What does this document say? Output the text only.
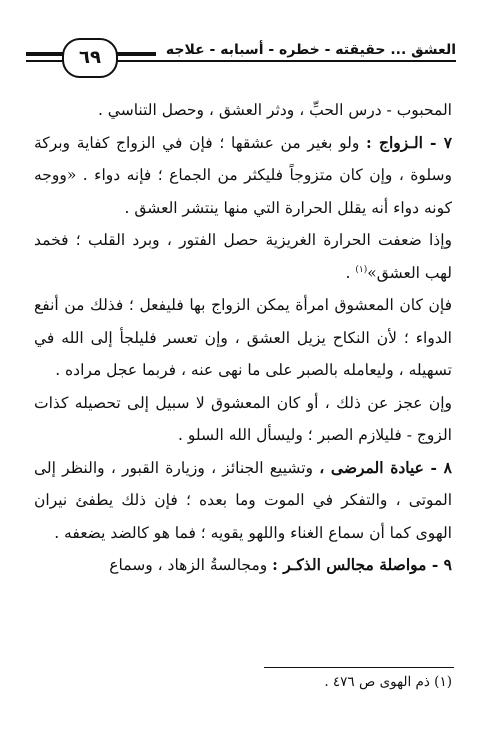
٦٩	العشق ... حقيقته - خطره - أسبابه - علاجه

المحبوب - درس الحبِّ ، ودثر العشق ، وحصل التناسي .

٧ - الـزواج : ولو بغير من عشقها ؛ فإن في الزواج كفاية وبركة وسلوة ، وإن كان متزوجاً فليكثر من الجماع ؛ فإنه دواء . «ووجه كونه دواء أنه يقلل الحرارة التي منها ينتشر العشق .

وإذا ضعفت الحرارة الغريزية حصل الفتور ، وبرد القلب ؛ فخمد لهب العشق»$^{(١)}$ .

فإن كان المعشوق امرأة يمكن الزواج بها فليفعل ؛ فذلك من أنفع الدواء ؛ لأن النكاح يزيل العشق ، وإن تعسر فليلجأ إلى الله في تسهيله ، وليعامله بالصبر على ما نهى عنه ، فربما عجل مراده .

وإن عجز عن ذلك ، أو كان المعشوق لا سبيل إلى تحصيله كذات الزوج - فليلازم الصبر ؛ وليسأل الله السلو .

٨ - عيادة المرضى ، وتشييع الجنائز ، وزيارة القبور ، والنظر إلى الموتى ، والتفكر في الموت وما بعده ؛ فإن ذلك يطفئ نيران الهوى كما أن سماع الغناء واللهو يقويه ؛ فما هو كالضد يضعفه .

٩ - مواصلة مجالس الذكـر : ومجالسةُ الزهاد ، وسماع

(١) ذم الهوى ص ٤٧٦ .
